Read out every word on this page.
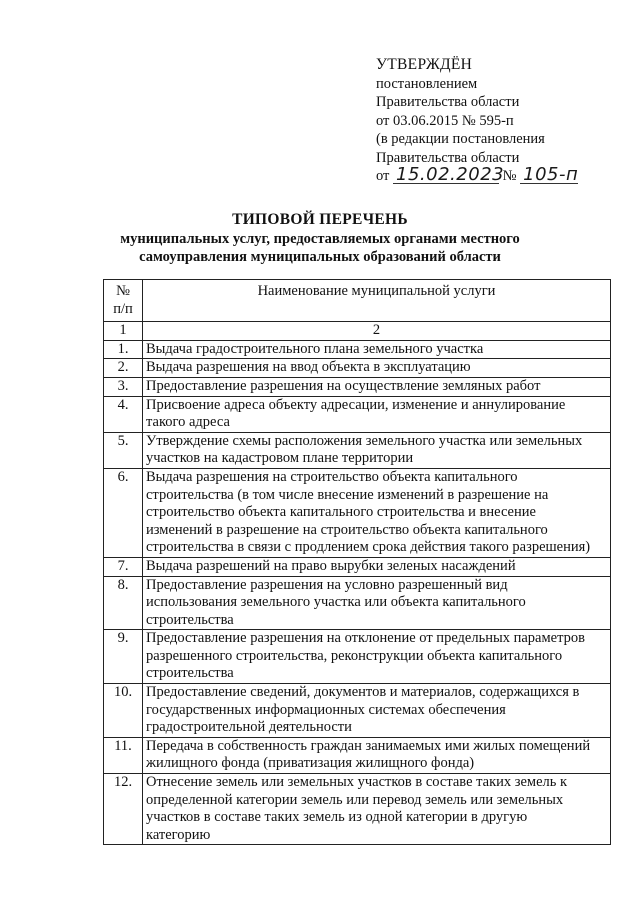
УТВЕРЖДЁН
постановлением
Правительства области
от 03.06.2015 № 595-п
(в редакции постановления
Правительства области
от 15.02.2023 № 105-п
ТИПОВОЙ ПЕРЕЧЕНЬ
муниципальных услуг, предоставляемых органами местного
самоуправления муниципальных образований области
№
п/п	Наименование муниципальной услуги
1	2
1.	Выдача градостроительного плана земельного участка

2.	Выдача разрешения на ввод объекта в эксплуатацию

3.	Предоставление разрешения на осуществление земляных работ

4.	Присвоение адреса объекту адресации, изменение и аннулирование
такого адреса

5.	Утверждение схемы расположения земельного участка или земельных
участков на кадастровом плане территории

6.	Выдача разрешения на строительство объекта капитального
строительства (в том числе внесение изменений в разрешение на
строительство объекта капитального строительства и внесение
изменений в разрешение на строительство объекта капитального
строительства в связи с продлением срока действия такого разрешения)

7.	Выдача разрешений на право вырубки зеленых насаждений

8.	Предоставление разрешения на условно разрешенный вид
использования земельного участка или объекта капитального
строительства

9.	Предоставление разрешения на отклонение от предельных параметров
разрешенного строительства, реконструкции объекта капитального
строительства

10.	Предоставление сведений, документов и материалов, содержащихся в
государственных информационных системах обеспечения
градостроительной деятельности

11.	Передача в собственность граждан занимаемых ими жилых помещений
жилищного фонда (приватизация жилищного фонда)

12.	Отнесение земель или земельных участков в составе таких земель к
определенной категории земель или перевод земель или земельных
участков в составе таких земель из одной категории в другую
категорию
